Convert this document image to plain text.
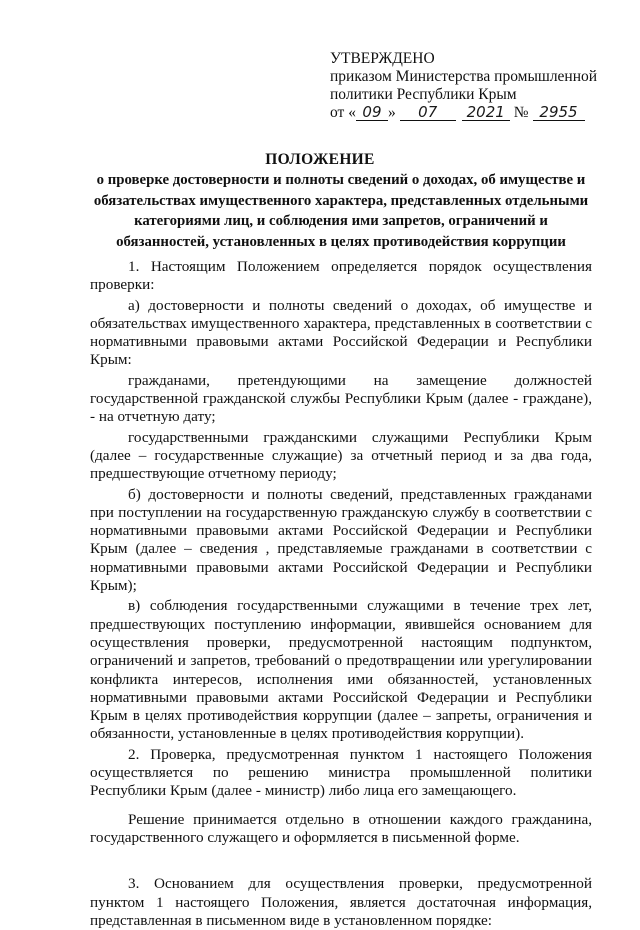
УТВЕРЖДЕНО
приказом Министерства промышленной
политики Республики Крым
от « 09 »	07	2021 № 2955
ПОЛОЖЕНИЕ
о проверке достоверности и полноты сведений о доходах, об имуществе и обязательствах имущественного характера, представленных отдельными категориями лиц, и соблюдения ими запретов, ограничений и обязанностей, установленных в целях противодействия коррупции

1. Настоящим Положением определяется порядок осуществления проверки:

а) достоверности и полноты сведений о доходах, об имуществе и обязательствах имущественного характера, представленных в соответствии с нормативными правовыми актами Российской Федерации и Республики Крым:

гражданами, претендующими на замещение должностей государственной гражданской службы Республики Крым (далее - граждане), - на отчетную дату;

государственными гражданскими служащими Республики Крым (далее – государственные служащие) за отчетный период и за два года, предшествующие отчетному периоду;

б) достоверности и полноты сведений, представленных гражданами при поступлении на государственную гражданскую службу в соответствии с нормативными правовыми актами Российской Федерации и Республики Крым (далее – сведения , представляемые гражданами в соответствии с нормативными правовыми актами Российской Федерации и Республики Крым);

в) соблюдения государственными служащими в течение трех лет, предшествующих поступлению информации, явившейся основанием для осуществления проверки, предусмотренной настоящим подпунктом, ограничений и запретов, требований о предотвращении или урегулировании конфликта интересов, исполнения ими обязанностей, установленных нормативными правовыми актами Российской Федерации и Республики Крым в целях противодействия коррупции (далее – запреты, ограничения и обязанности, установленные в целях противодействия коррупции).

2. Проверка, предусмотренная пунктом 1 настоящего Положения осуществляется по решению министра промышленной политики Республики Крым (далее - министр) либо лица его замещающего.

Решение принимается отдельно в отношении каждого гражданина, государственного служащего и оформляется в письменной форме.

3. Основанием для осуществления проверки, предусмотренной пунктом 1 настоящего Положения, является достаточная информация, представленная в письменном виде в установленном порядке:
